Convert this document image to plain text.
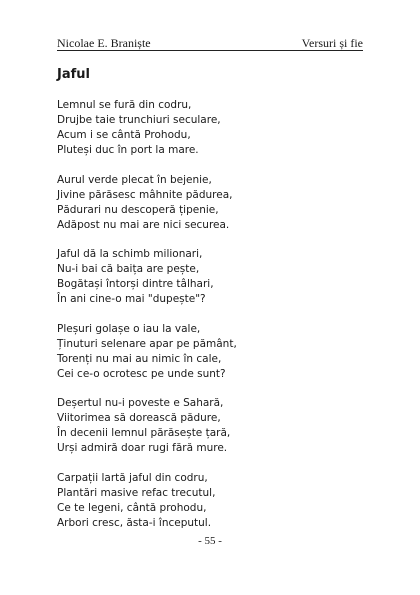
Nicolae E. Braniște	Versuri și fie
Jaful
Lemnul se fură din codru,
Drujbe taie trunchiuri seculare,
Acum i se cântă Prohodu,
Pluteși duc în port la mare.
Aurul verde plecat în bejenie,
Jivine părăsesc mâhnite pădurea,
Pădurari nu descoperă țipenie,
Adăpost nu mai are nici securea.
Jaful dă la schimb milionari,
Nu-i bai că baița are pește,
Bogătași întorși dintre tâlhari,
În ani cine-o mai "dupește"?
Pleșuri golașe o iau la vale,
Ținuturi selenare apar pe pământ,
Torenți nu mai au nimic în cale,
Cei ce-o ocrotesc pe unde sunt?
Deșertul nu-i poveste e Sahară,
Viitorimea să dorească pădure,
În decenii lemnul părăsește țară,
Urși admiră doar rugi fără mure.
Carpații lartă jaful din codru,
Plantări masive refac trecutul,
Ce te legeni, cântă prohodu,
Arbori cresc, ăsta-i începutul.
- 55 -
